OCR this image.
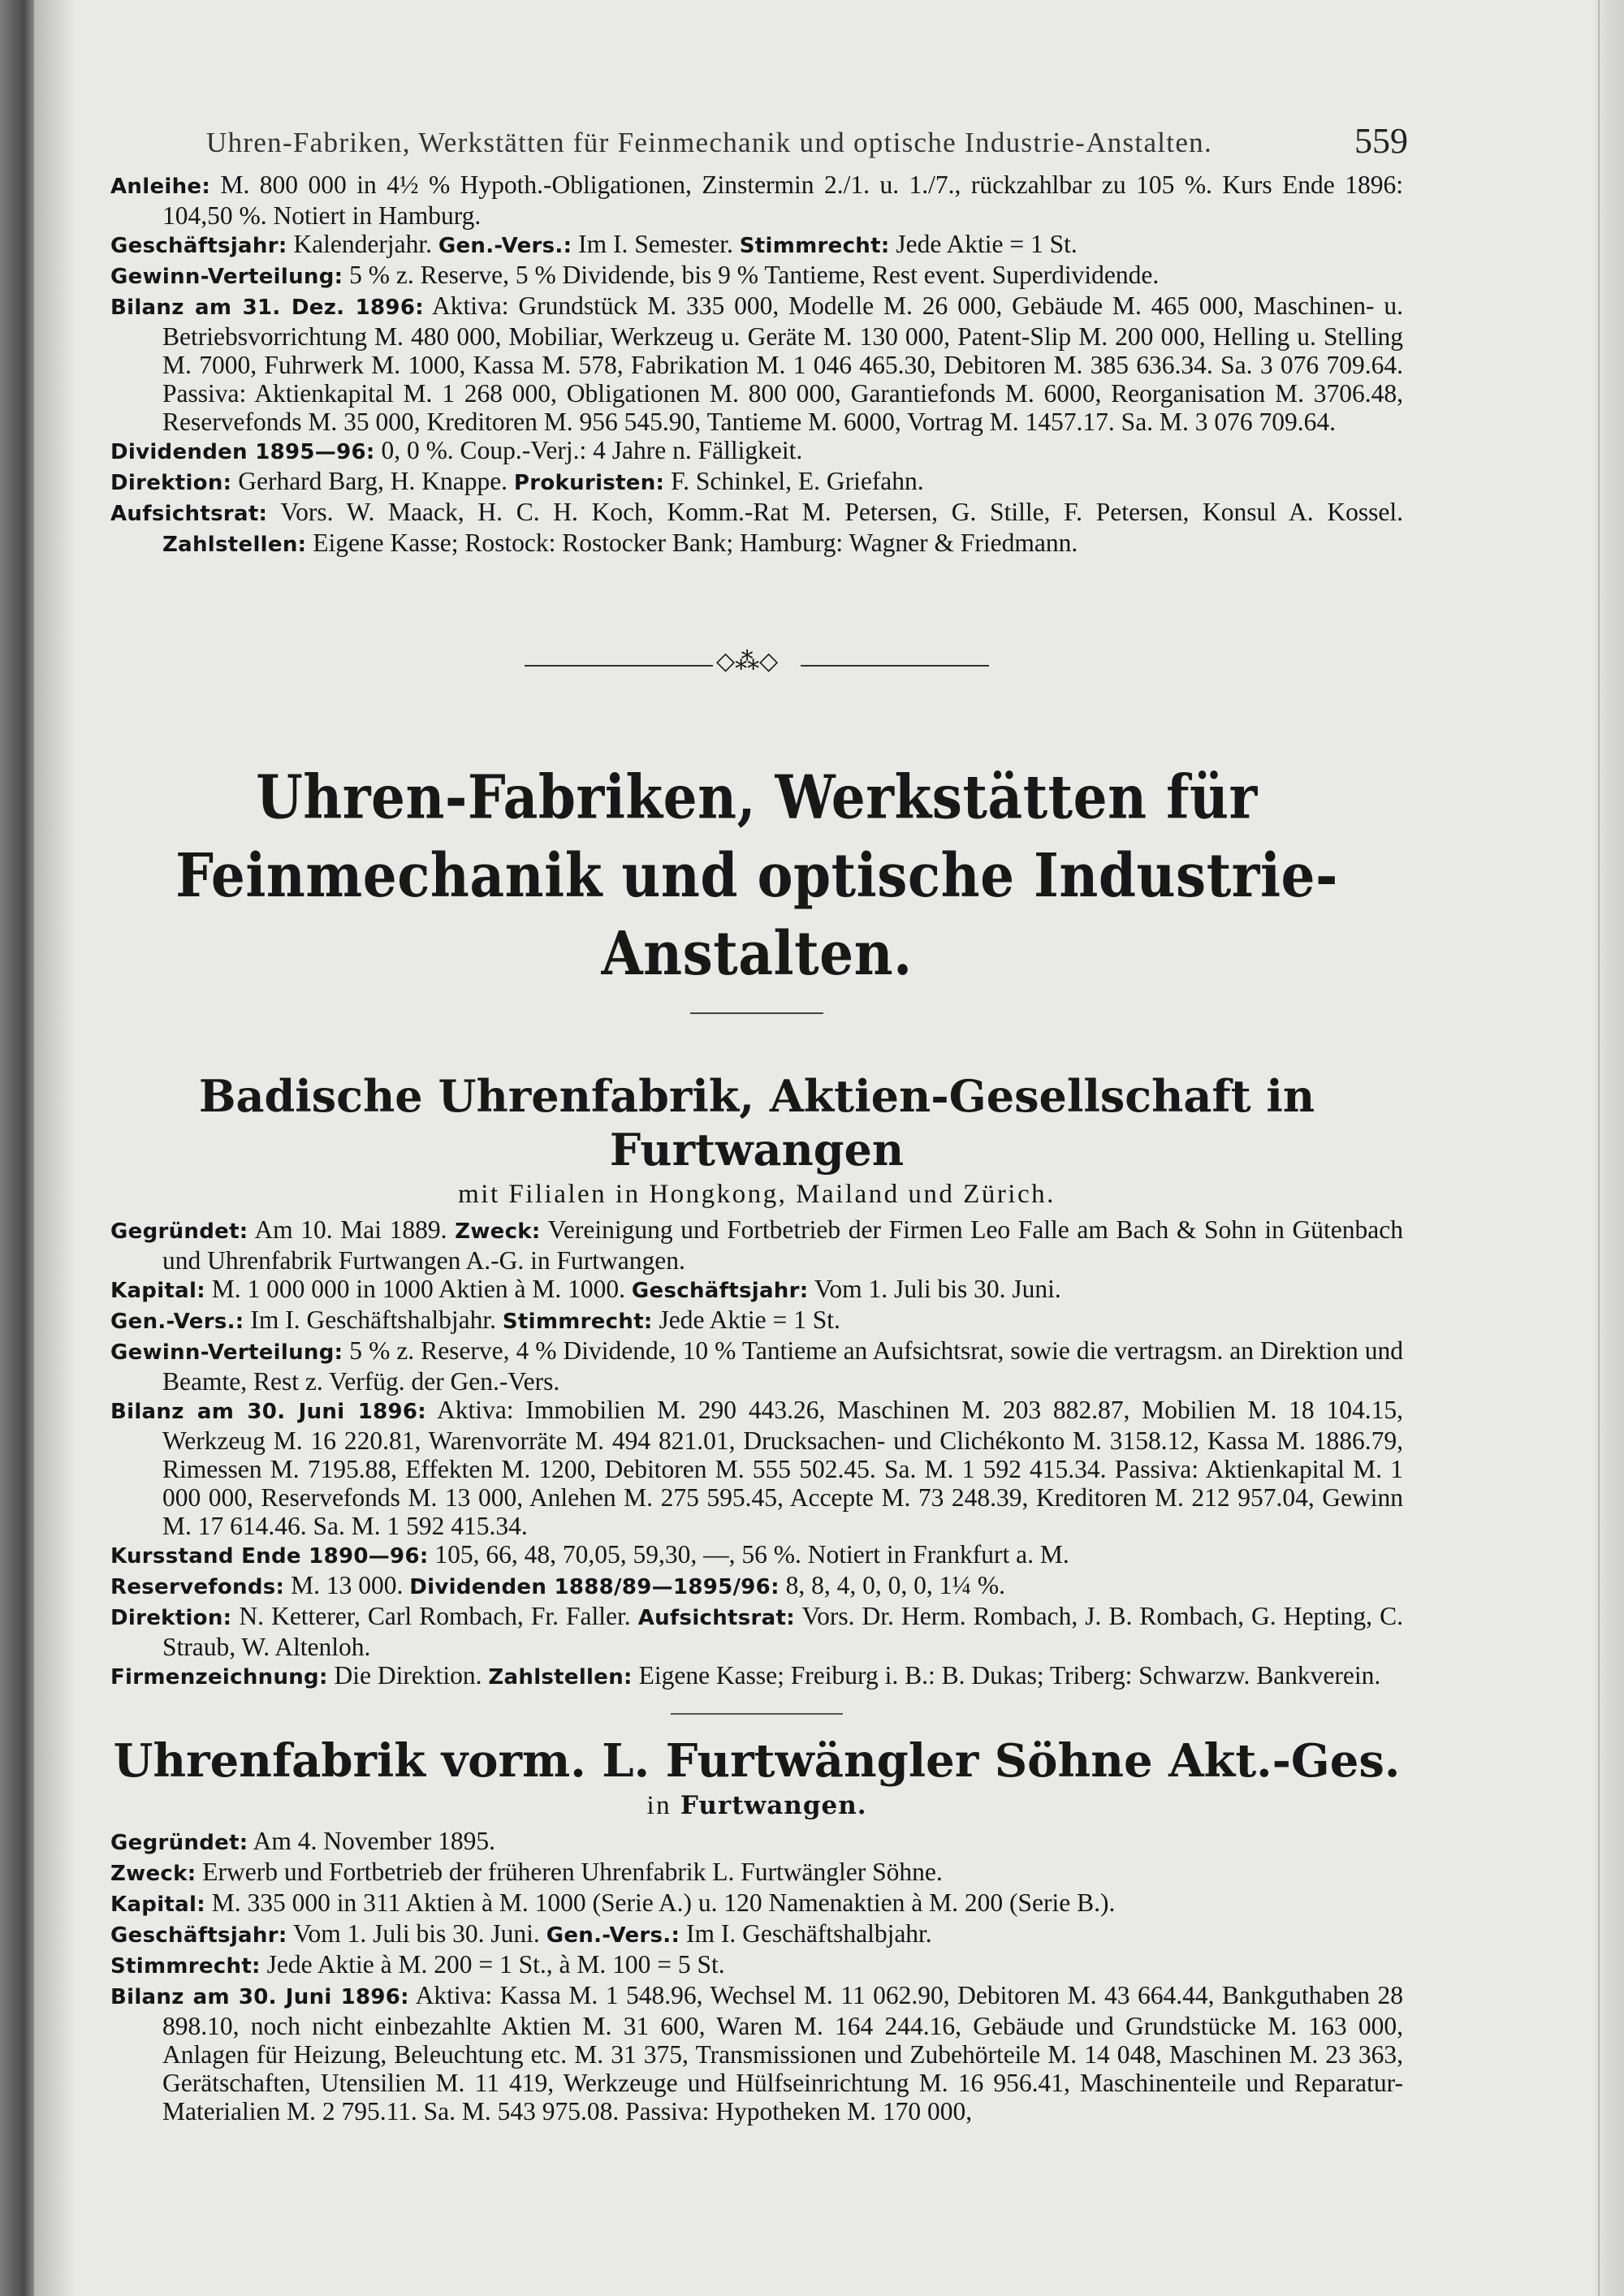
Uhren-Fabriken, Werkstätten für Feinmechanik und optische Industrie-Anstalten.	559
Anleihe: M. 800 000 in 4½ % Hypoth.-Obligationen, Zinstermin 2./1. u. 1./7., rückzahlbar zu 105 %. Kurs Ende 1896: 104,50 %. Notiert in Hamburg.
Geschäftsjahr: Kalenderjahr. Gen.-Vers.: Im I. Semester. Stimmrecht: Jede Aktie = 1 St.
Gewinn-Verteilung: 5 % z. Reserve, 5 % Dividende, bis 9 % Tantieme, Rest event. Superdividende.
Bilanz am 31. Dez. 1896: Aktiva: Grundstück M. 335 000, Modelle M. 26 000, Gebäude M. 465 000, Maschinen- u. Betriebsvorrichtung M. 480 000, Mobiliar, Werkzeug u. Geräte M. 130 000, Patent-Slip M. 200 000, Helling u. Stelling M. 7000, Fuhrwerk M. 1000, Kassa M. 578, Fabrikation M. 1 046 465.30, Debitoren M. 385 636.34. Sa. 3 076 709.64. Passiva: Aktienkapital M. 1 268 000, Obligationen M. 800 000, Garantiefonds M. 6000, Reorganisation M. 3706.48, Reservefonds M. 35 000, Kreditoren M. 956 545.90, Tantieme M. 6000, Vortrag M. 1457.17. Sa. M. 3 076 709.64.
Dividenden 1895—96: 0, 0 %. Coup.-Verj.: 4 Jahre n. Fälligkeit.
Direktion: Gerhard Barg, H. Knappe. Prokuristen: F. Schinkel, E. Griefahn.
Aufsichtsrat: Vors. W. Maack, H. C. H. Koch, Komm.-Rat M. Petersen, G. Stille, F. Petersen, Konsul A. Kossel. Zahlstellen: Eigene Kasse; Rostock: Rostocker Bank; Hamburg: Wagner & Friedmann.
◇⁂◇
Uhren-Fabriken, Werkstätten für Feinmechanik und optische Industrie-Anstalten.
Badische Uhrenfabrik, Aktien-Gesellschaft in Furtwangen
mit Filialen in Hongkong, Mailand und Zürich.
Gegründet: Am 10. Mai 1889. Zweck: Vereinigung und Fortbetrieb der Firmen Leo Falle am Bach & Sohn in Gütenbach und Uhrenfabrik Furtwangen A.-G. in Furtwangen.
Kapital: M. 1 000 000 in 1000 Aktien à M. 1000. Geschäftsjahr: Vom 1. Juli bis 30. Juni.
Gen.-Vers.: Im I. Geschäftshalbjahr. Stimmrecht: Jede Aktie = 1 St.
Gewinn-Verteilung: 5 % z. Reserve, 4 % Dividende, 10 % Tantieme an Aufsichtsrat, sowie die vertragsm. an Direktion und Beamte, Rest z. Verfüg. der Gen.-Vers.
Bilanz am 30. Juni 1896: Aktiva: Immobilien M. 290 443.26, Maschinen M. 203 882.87, Mobilien M. 18 104.15, Werkzeug M. 16 220.81, Warenvorräte M. 494 821.01, Drucksachen- und Clichékonto M. 3158.12, Kassa M. 1886.79, Rimessen M. 7195.88, Effekten M. 1200, Debitoren M. 555 502.45. Sa. M. 1 592 415.34. Passiva: Aktienkapital M. 1 000 000, Reservefonds M. 13 000, Anlehen M. 275 595.45, Accepte M. 73 248.39, Kreditoren M. 212 957.04, Gewinn M. 17 614.46. Sa. M. 1 592 415.34.
Kursstand Ende 1890—96: 105, 66, 48, 70,05, 59,30, —, 56 %. Notiert in Frankfurt a. M.
Reservefonds: M. 13 000. Dividenden 1888/89—1895/96: 8, 8, 4, 0, 0, 0, 1¼ %.
Direktion: N. Ketterer, Carl Rombach, Fr. Faller. Aufsichtsrat: Vors. Dr. Herm. Rombach, J. B. Rombach, G. Hepting, C. Straub, W. Altenloh.
Firmenzeichnung: Die Direktion. Zahlstellen: Eigene Kasse; Freiburg i. B.: B. Dukas; Triberg: Schwarzw. Bankverein.
Uhrenfabrik vorm. L. Furtwängler Söhne Akt.-Ges.
in Furtwangen.
Gegründet: Am 4. November 1895.
Zweck: Erwerb und Fortbetrieb der früheren Uhrenfabrik L. Furtwängler Söhne.
Kapital: M. 335 000 in 311 Aktien à M. 1000 (Serie A.) u. 120 Namenaktien à M. 200 (Serie B.).
Geschäftsjahr: Vom 1. Juli bis 30. Juni. Gen.-Vers.: Im I. Geschäftshalbjahr.
Stimmrecht: Jede Aktie à M. 200 = 1 St., à M. 100 = 5 St.
Bilanz am 30. Juni 1896: Aktiva: Kassa M. 1 548.96, Wechsel M. 11 062.90, Debitoren M. 43 664.44, Bankguthaben 28 898.10, noch nicht einbezahlte Aktien M. 31 600, Waren M. 164 244.16, Gebäude und Grundstücke M. 163 000, Anlagen für Heizung, Beleuchtung etc. M. 31 375, Transmissionen und Zubehörteile M. 14 048, Maschinen M. 23 363, Gerätschaften, Utensilien M. 11 419, Werkzeuge und Hülfseinrichtung M. 16 956.41, Maschinenteile und Reparatur-Materialien M. 2 795.11. Sa. M. 543 975.08. Passiva: Hypotheken M. 170 000,
